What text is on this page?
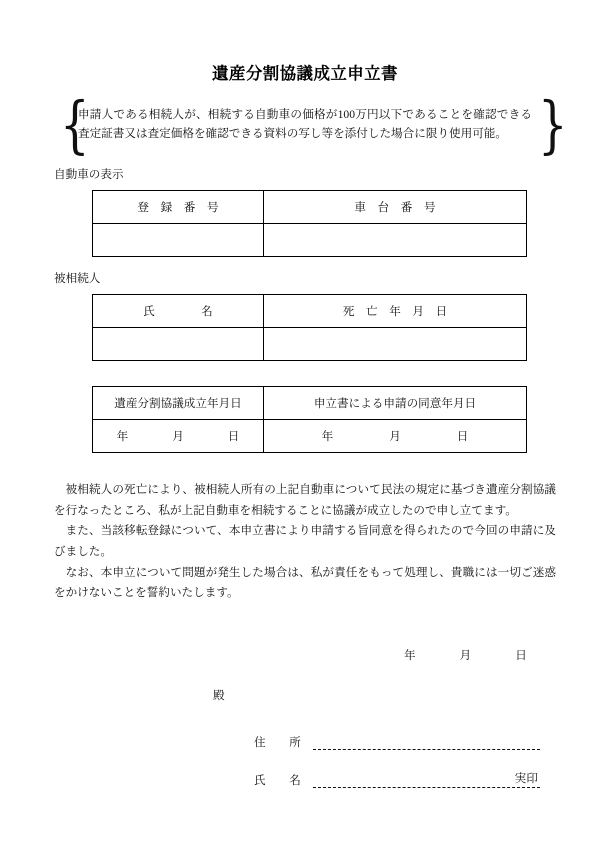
遺産分割協議成立申立書
{
申請人である相続人が、相続する自動車の価格が100万円以下であることを確認できる査定証書又は査定価格を確認できる資料の写し等を添付した場合に限り使用可能。 }
自動車の表示
登　録　番　号	車　台　番　号

被相続人
氏　　　　名	死　亡　年　月　日

遺産分割協議成立年月日	申立書による申請の同意年月日
年 月 日	年 月 日

被相続人の死亡により、被相続人所有の上記自動車について民法の規定に基づき遺産分割協議を行なったところ、私が上記自動車を相続することに協議が成立したので申し立てます。

また、当該移転登録について、本申立書により申請する旨同意を得られたので今回の申請に及びました。

なお、本申立について問題が発生した場合は、私が責任をもって処理し、貴職には一切ご迷惑をかけないことを誓約いたします。

年	月	日
殿
住　所
氏　名	実印
